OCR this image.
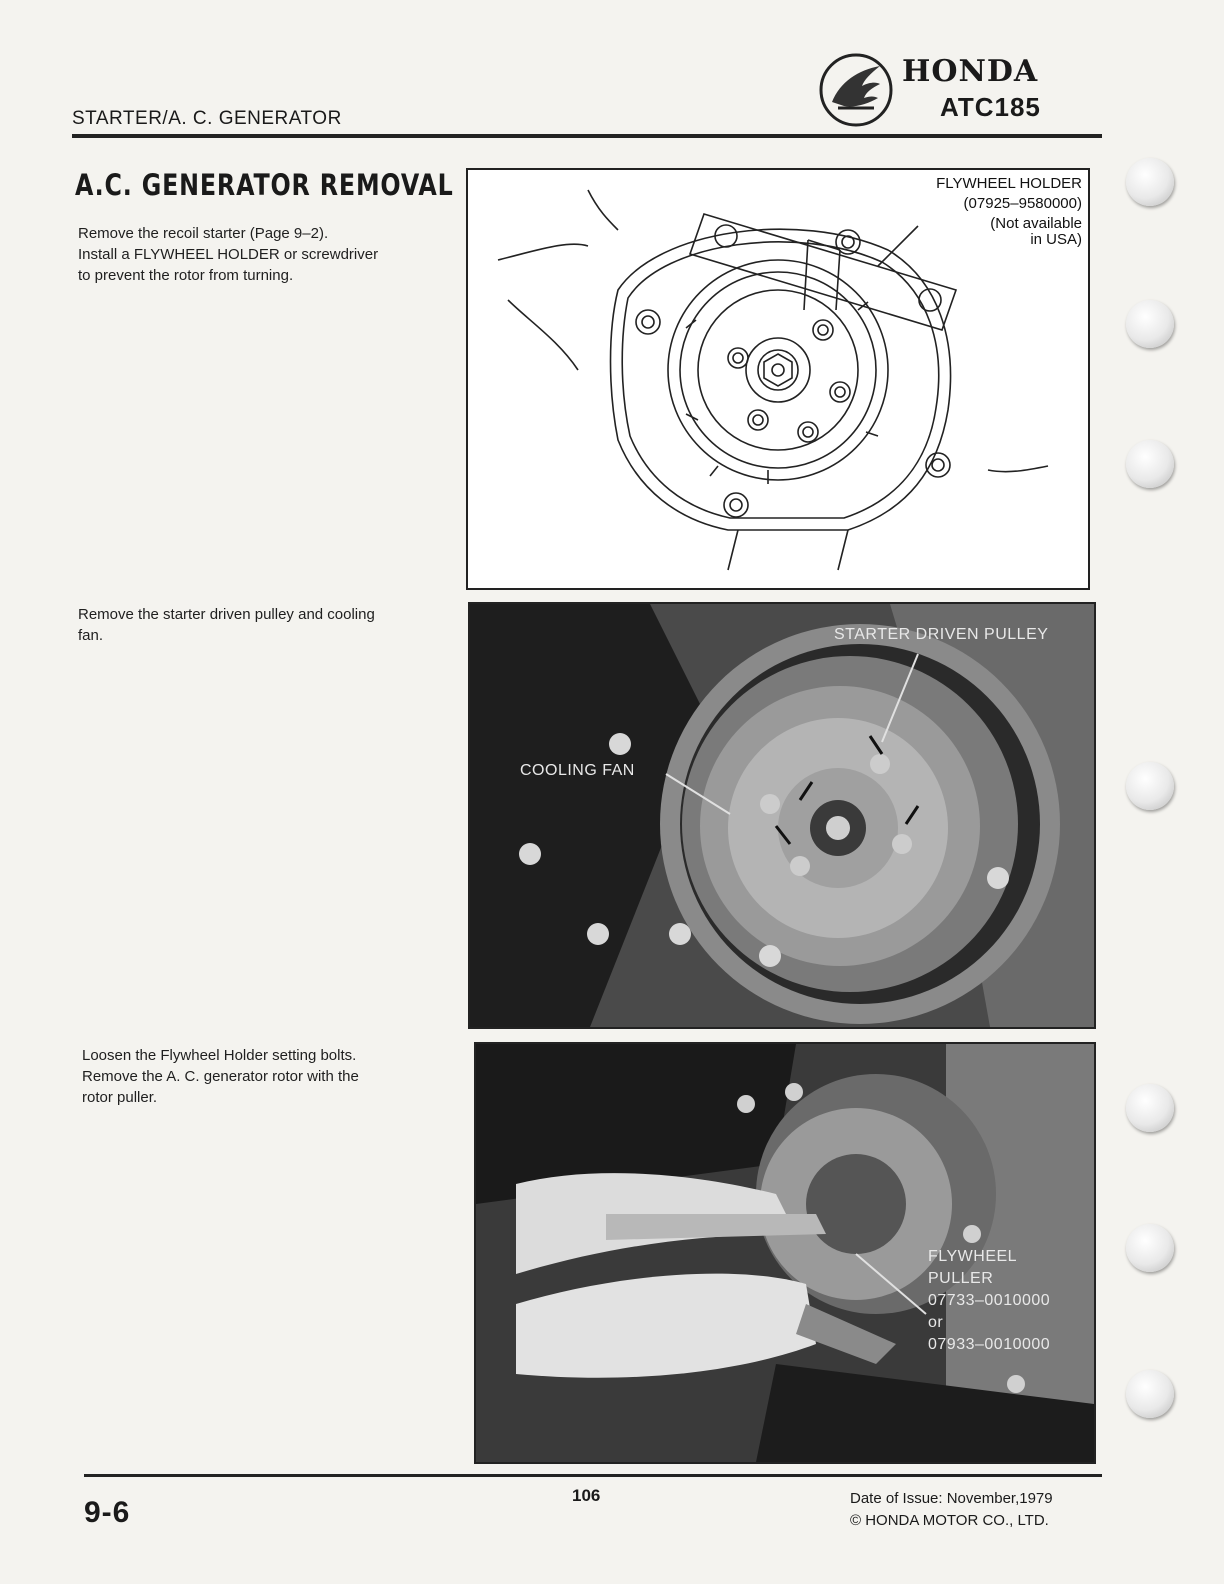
STARTER/A. C. GENERATOR
HONDA
ATC185
A.C. GENERATOR REMOVAL
Remove the recoil starter (Page 9–2).
Install a FLYWHEEL HOLDER or screwdriver
to prevent the rotor from turning.
Remove the starter driven pulley and cooling
fan.
Loosen the Flywheel Holder setting bolts.
Remove the A. C. generator rotor with the
rotor puller.
FLYWHEEL HOLDER
(07925–9580000)
(Not available
in USA)
STARTER DRIVEN PULLEY
COOLING FAN
FLYWHEEL
PULLER
07733–0010000
or
07933–0010000
9-6
106	Date of Issue: November,1979
© HONDA MOTOR CO., LTD.
